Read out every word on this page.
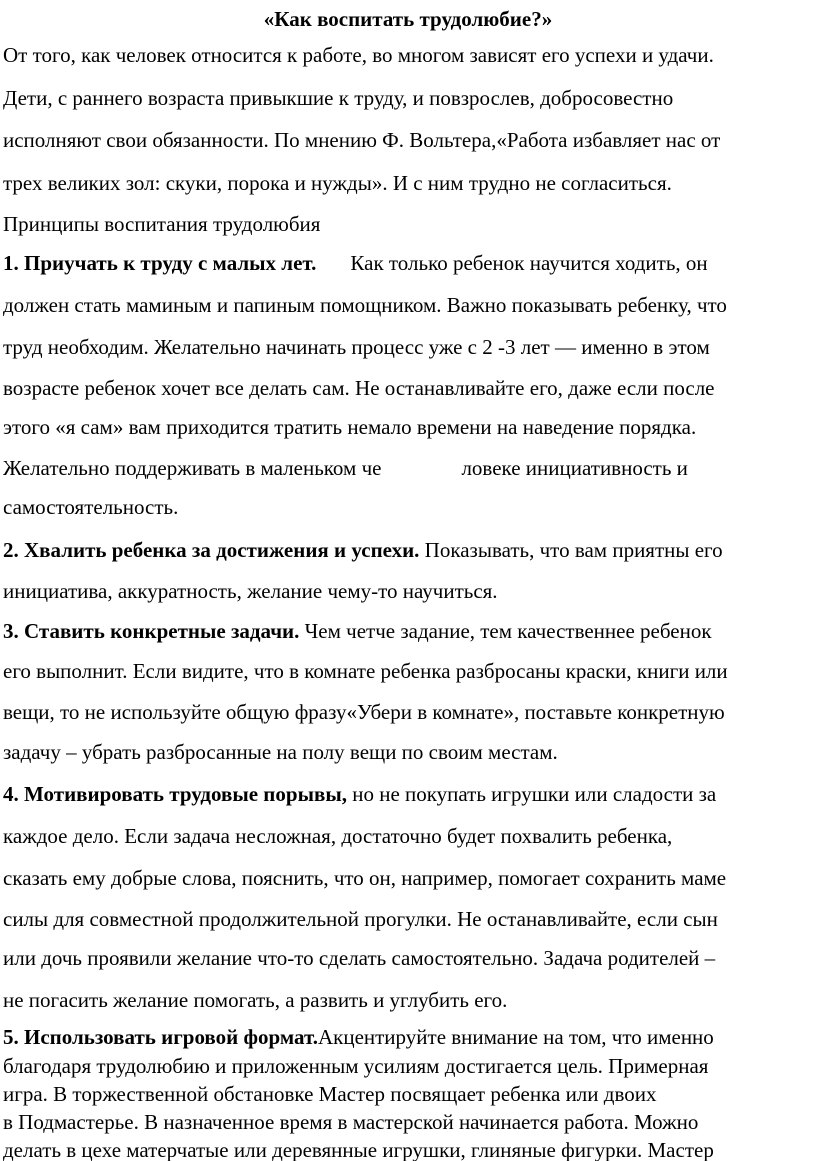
«Как воспитать трудолюбие?»
От того, как человек относится к работе, во многом зависят его успехи и удачи.
Дети, с раннего возраста привыкшие к труду, и повзрослев, добросовестно
исполняют свои обязанности. По мнению Ф. Вольтера,«Работа избавляет нас от
трех великих зол: скуки, порока и нужды». И с ним трудно не согласиться.
Принципы воспитания трудолюбия
1. Приучать к труду с малых лет. Как только ребенок научится ходить, он
должен стать маминым и папиным помощником. Важно показывать ребенку, что
труд необходим. Желательно начинать процесс уже с 2 -3 лет — именно в этом
возрасте ребенок хочет все делать сам. Не останавливайте его, даже если после
этого «я сам» вам приходится тратить немало времени на наведение порядка.
Желательно поддерживать в маленьком че	ловеке инициативность и
самостоятельность.
2. Хвалить ребенка за достижения и успехи. Показывать, что вам приятны его
инициатива, аккуратность, желание чему-то научиться.
3. Ставить конкретные задачи. Чем четче задание, тем качественнее ребенок
его выполнит. Если видите, что в комнате ребенка разбросаны краски, книги или
вещи, то не используйте общую фразу«Убери в комнате», поставьте конкретную
задачу – убрать разбросанные на полу вещи по своим местам.
4. Мотивировать трудовые порывы, но не покупать игрушки или сладости за
каждое дело. Если задача несложная, достаточно будет похвалить ребенка,
сказать ему добрые слова, пояснить, что он, например, помогает сохранить маме
силы для совместной продолжительной прогулки. Не останавливайте, если сын
или дочь проявили желание что-то сделать самостоятельно. Задача родителей –
не погасить желание помогать, а развить и углубить его.
5. Использовать игровой формат.Акцентируйте внимание на том, что именно
благодаря трудолюбию и приложенным усилиям достигается цель. Примерная
игра. В торжественной обстановке Мастер посвящает ребенка или двоих
в Подмастерье. В назначенное время в мастерской начинается работа. Можно
делать в цехе матерчатые или деревянные игрушки, глиняные фигурки. Мастер
